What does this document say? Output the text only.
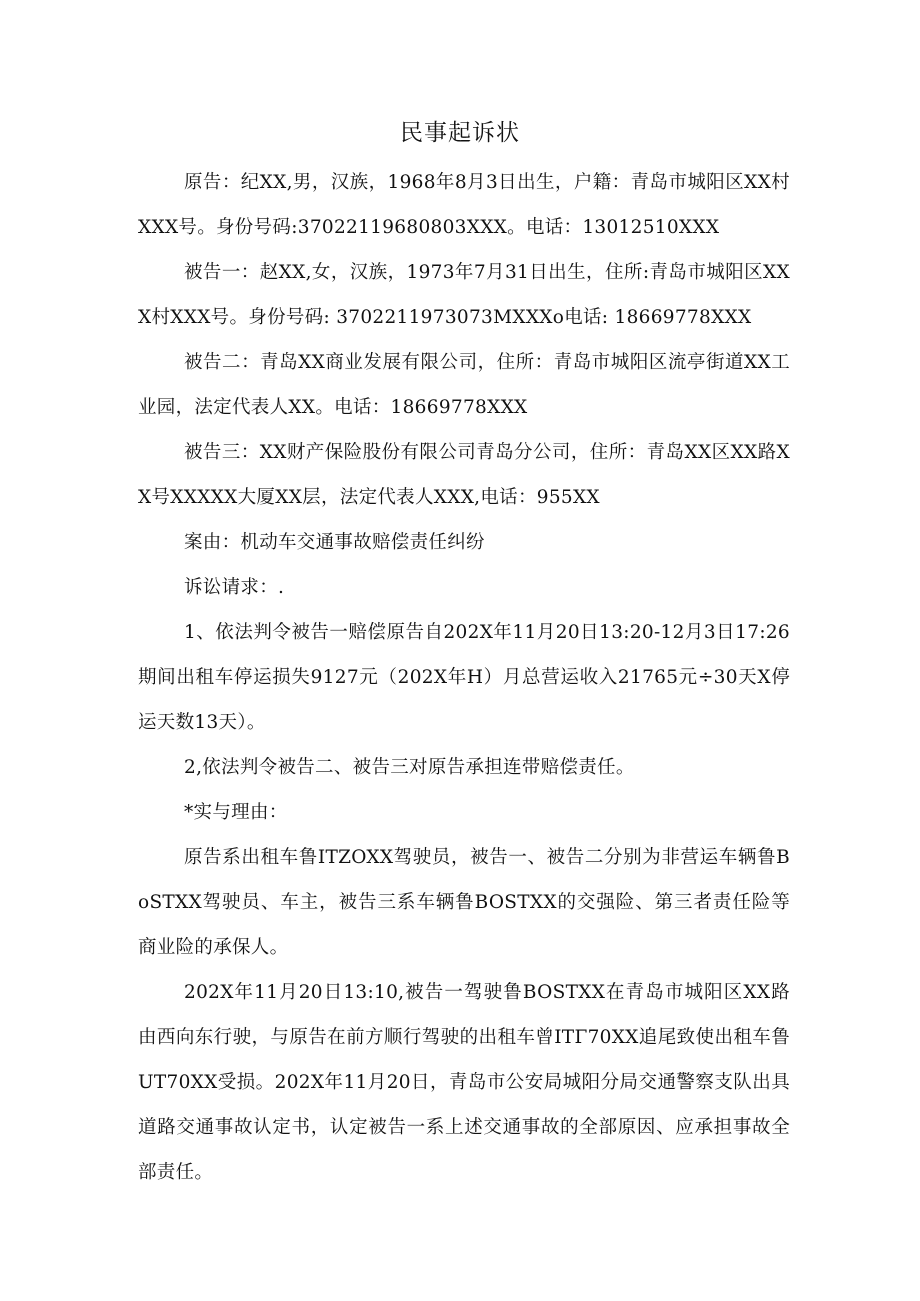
民事起诉状

原告：纪XX,男，汉族，1968年8月3日出生，户籍：青岛市城阳区XX村XXX号。身份号码:37022119680803XXX。电话：13012510XXX

被告一：赵XX,女，汉族，1973年7月31日出生，住所:青岛市城阳区XXX村XXX号。身份号码: 3702211973073MXXXo电话: 18669778XXX

被告二：青岛XX商业发展有限公司，住所：青岛市城阳区流亭街道XX工业园，法定代表人XX。电话：18669778XXX

被告三：XX财产保险股份有限公司青岛分公司，住所：青岛XX区XX路XX号XXXXX大厦XX层，法定代表人XXX,电话：955XX

案由：机动车交通事故赔偿责任纠纷

诉讼请求：.

1、依法判令被告一赔偿原告自202X年11月20日13:20-12月3日17:26期间出租车停运损失9127元（202X年H）月总营运收入21765元÷30天X停运天数13天）。

2,依法判令被告二、被告三对原告承担连带赔偿责任。

*实与理由：

原告系出租车鲁ITZOXX驾驶员，被告一、被告二分别为非营运车辆鲁BoSTXX驾驶员、车主，被告三系车辆鲁BOSTXX的交强险、第三者责任险等商业险的承保人。

202X年11月20日13:10,被告一驾驶鲁BOSTXX在青岛市城阳区XX路由西向东行驶，与原告在前方顺行驾驶的出租车曾ITΓ70XX追尾致使出租车鲁UT70XX受损。202X年11月20日，青岛市公安局城阳分局交通警察支队出具道路交通事故认定书，认定被告一系上述交通事故的全部原因、应承担事故全部责任。
